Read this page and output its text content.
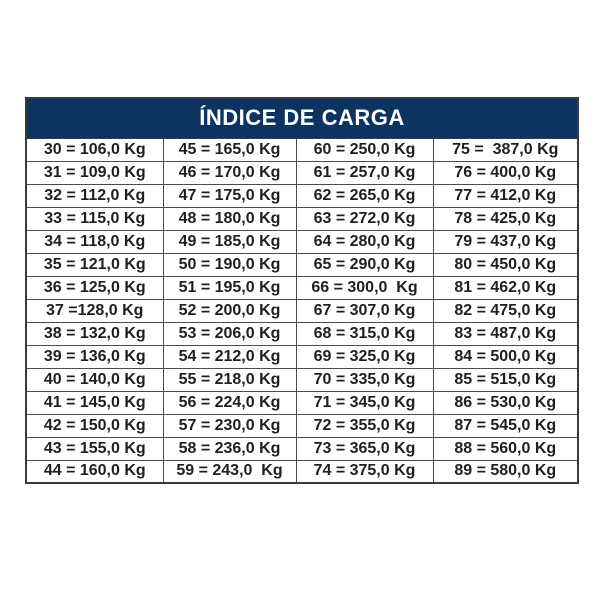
ÍNDICE DE CARGA			
30 = 106,0 Kg	45 = 165,0 Kg	60 = 250,0 Kg	75 =  387,0 Kg
31 = 109,0 Kg	46 = 170,0 Kg	61 = 257,0 Kg	76 = 400,0 Kg
32 = 112,0 Kg	47 = 175,0 Kg	62 = 265,0 Kg	77 = 412,0 Kg
33 = 115,0 Kg	48 = 180,0 Kg	63 = 272,0 Kg	78 = 425,0 Kg
34 = 118,0 Kg	49 = 185,0 Kg	64 = 280,0 Kg	79 = 437,0 Kg
35 = 121,0 Kg	50 = 190,0 Kg	65 = 290,0 Kg	80 = 450,0 Kg
36 = 125,0 Kg	51 = 195,0 Kg	66 = 300,0  Kg	81 = 462,0 Kg
37 =128,0 Kg	52 = 200,0 Kg	67 = 307,0 Kg	82 = 475,0 Kg
38 = 132,0 Kg	53 = 206,0 Kg	68 = 315,0 Kg	83 = 487,0 Kg
39 = 136,0 Kg	54 = 212,0 Kg	69 = 325,0 Kg	84 = 500,0 Kg
40 = 140,0 Kg	55 = 218,0 Kg	70 = 335,0 Kg	85 = 515,0 Kg
41 = 145,0 Kg	56 = 224,0 Kg	71 = 345,0 Kg	86 = 530,0 Kg
42 = 150,0 Kg	57 = 230,0 Kg	72 = 355,0 Kg	87 = 545,0 Kg
43 = 155,0 Kg	58 = 236,0 Kg	73 = 365,0 Kg	88 = 560,0 Kg
44 = 160,0 Kg	59 = 243,0  Kg	74 = 375,0 Kg	89 = 580,0 Kg
